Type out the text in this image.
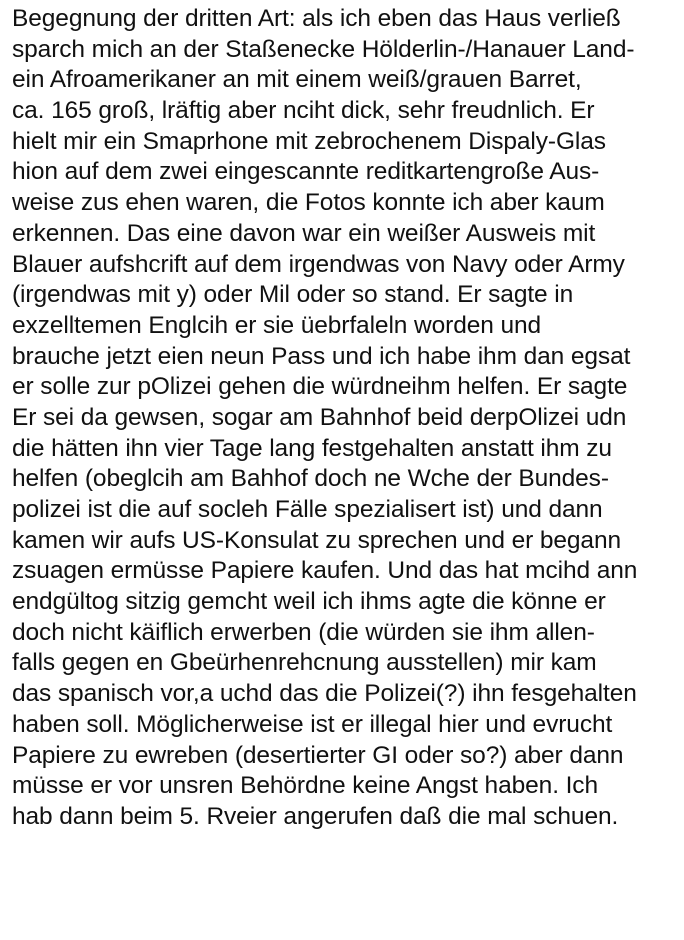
Begegnung der dritten Art: als ich eben das Haus verließ
sparch mich an der Staßenecke Hölderlin-/Hanauer Land-
ein Afroamerikaner an mit einem weiß/grauen Barret,
ca. 165 groß, lräftig aber nciht dick, sehr freudnlich. Er
hielt mir ein Smaprhone mit zebrochenem Dispaly-Glas
hion auf dem zwei eingescannte reditkartengroße Aus-
weise zus ehen waren, die Fotos konnte ich aber kaum
erkennen. Das eine davon war ein weißer Ausweis mit
Blauer aufshcrift auf dem irgendwas von Navy oder Army
(irgendwas mit y) oder Mil oder so stand. Er sagte in
exzelltemen Englcih er sie üebrfaleln worden und
brauche jetzt eien neun Pass und ich habe ihm dan egsat
er solle zur pOlizei gehen die würdneihm helfen. Er sagte
Er sei da gewsen, sogar am Bahnhof beid derpOlizei udn
die hätten ihn vier Tage lang festgehalten anstatt ihm zu
helfen (obeglcih am Bahhof doch ne Wche der Bundes-
polizei ist die auf socleh Fälle spezialisert ist) und dann
kamen wir aufs US-Konsulat zu sprechen und er begann
zsuagen ermüsse Papiere kaufen. Und das hat mcihd ann
endgültog sitzig gemcht weil ich ihms agte die könne er
doch nicht käiflich erwerben (die würden sie ihm allen-
falls gegen en Gbeürhenrehcnung ausstellen) mir kam
das spanisch vor,a uchd das die Polizei(?) ihn fesgehalten
haben soll. Möglicherweise ist er illegal hier und evrucht
Papiere zu ewreben (desertierter GI oder so?) aber dann
müsse er vor unsren Behördne keine Angst haben. Ich
hab dann beim 5. Rveier angerufen daß die mal schuen.
